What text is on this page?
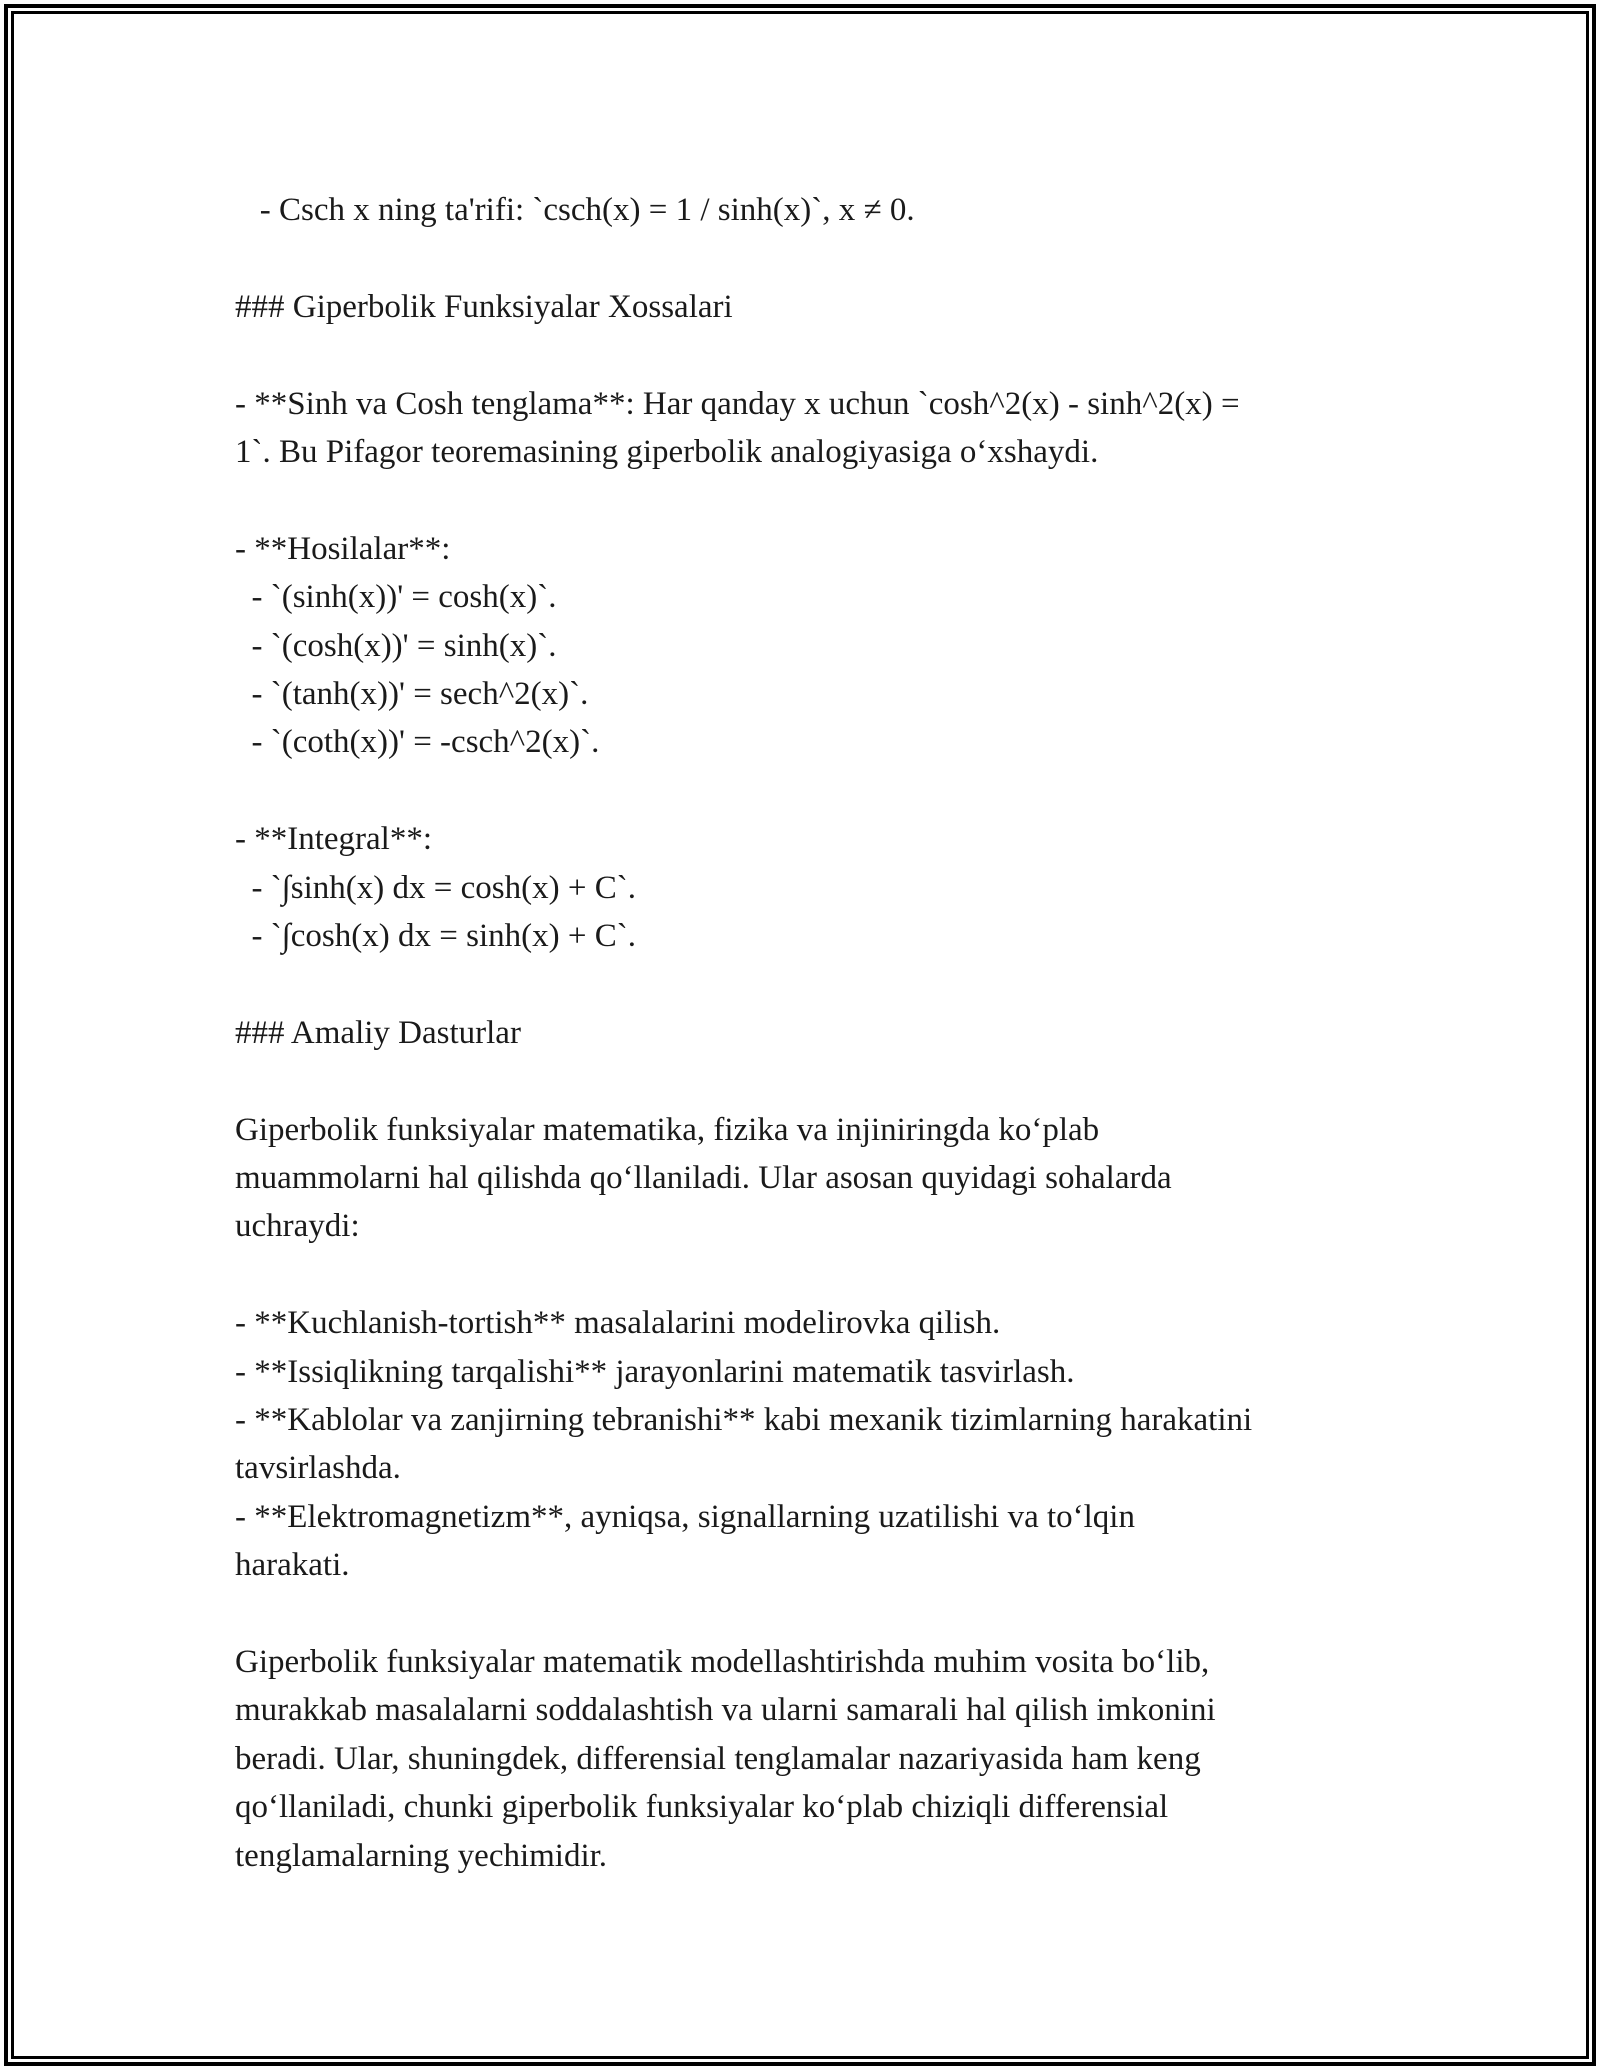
- Csch x ning ta'rifi: `csch(x) = 1 / sinh(x)`, x ≠ 0.
### Giperbolik Funksiyalar Xossalari
- **Sinh va Cosh tenglama**: Har qanday x uchun `cosh^2(x) - sinh^2(x) =
1`. Bu Pifagor teoremasining giperbolik analogiyasiga o‘xshaydi.
- **Hosilalar**:
- `(sinh(x))' = cosh(x)`.
- `(cosh(x))' = sinh(x)`.
- `(tanh(x))' = sech^2(x)`.
- `(coth(x))' = -csch^2(x)`.
- **Integral**:
- `∫sinh(x) dx = cosh(x) + C`.
- `∫cosh(x) dx = sinh(x) + C`.
### Amaliy Dasturlar
Giperbolik funksiyalar matematika, fizika va injiniringda ko‘plab
muammolarni hal qilishda qo‘llaniladi. Ular asosan quyidagi sohalarda
uchraydi:
- **Kuchlanish-tortish** masalalarini modelirovka qilish.
- **Issiqlikning tarqalishi** jarayonlarini matematik tasvirlash.
- **Kablolar va zanjirning tebranishi** kabi mexanik tizimlarning harakatini
tavsirlashda.
- **Elektromagnetizm**, ayniqsa, signallarning uzatilishi va to‘lqin
harakati.
Giperbolik funksiyalar matematik modellashtirishda muhim vosita bo‘lib,
murakkab masalalarni soddalashtish va ularni samarali hal qilish imkonini
beradi. Ular, shuningdek, differensial tenglamalar nazariyasida ham keng
qo‘llaniladi, chunki giperbolik funksiyalar ko‘plab chiziqli differensial
tenglamalarning yechimidir.
